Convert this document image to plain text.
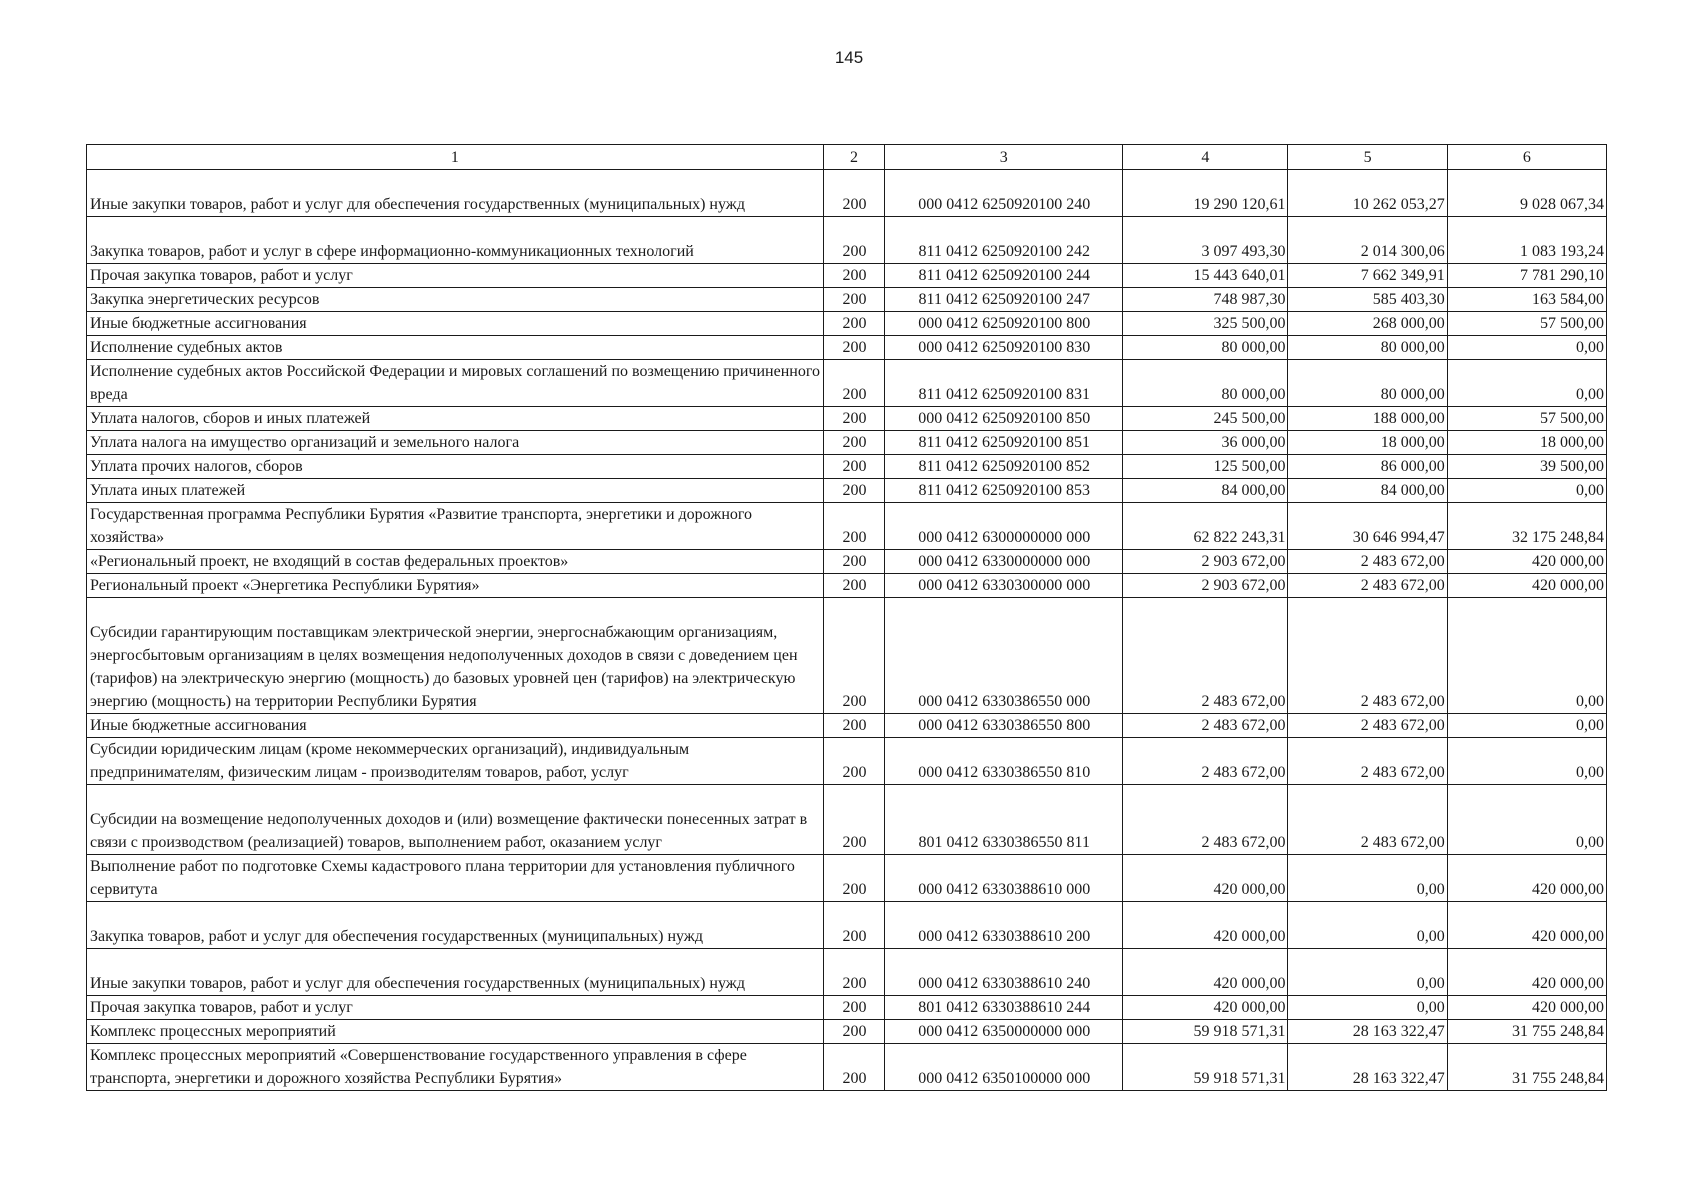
145
1	2	3	4	5	6
Иные закупки товаров, работ и услуг для обеспечения государственных (муниципальных) нужд	200	000 0412 6250920100 240	19 290 120,61	10 262 053,27	9 028 067,34
Закупка товаров, работ и услуг в сфере информационно-коммуникационных технологий	200	811 0412 6250920100 242	3 097 493,30	2 014 300,06	1 083 193,24
Прочая закупка товаров, работ и услуг	200	811 0412 6250920100 244	15 443 640,01	7 662 349,91	7 781 290,10
Закупка энергетических ресурсов	200	811 0412 6250920100 247	748 987,30	585 403,30	163 584,00
Иные бюджетные ассигнования	200	000 0412 6250920100 800	325 500,00	268 000,00	57 500,00
Исполнение судебных актов	200	000 0412 6250920100 830	80 000,00	80 000,00	0,00
Исполнение судебных актов Российской Федерации и мировых соглашений по возмещению причиненного вреда	200	811 0412 6250920100 831	80 000,00	80 000,00	0,00
Уплата налогов, сборов и иных платежей	200	000 0412 6250920100 850	245 500,00	188 000,00	57 500,00
Уплата налога на имущество организаций и земельного налога	200	811 0412 6250920100 851	36 000,00	18 000,00	18 000,00
Уплата прочих налогов, сборов	200	811 0412 6250920100 852	125 500,00	86 000,00	39 500,00
Уплата иных платежей	200	811 0412 6250920100 853	84 000,00	84 000,00	0,00
Государственная программа Республики Бурятия «Развитие транспорта, энергетики и дорожного хозяйства»	200	000 0412 6300000000 000	62 822 243,31	30 646 994,47	32 175 248,84
«Региональный проект, не входящий в состав федеральных проектов»	200	000 0412 6330000000 000	2 903 672,00	2 483 672,00	420 000,00
Региональный проект «Энергетика Республики Бурятия»	200	000 0412 6330300000 000	2 903 672,00	2 483 672,00	420 000,00
Субсидии гарантирующим поставщикам электрической энергии, энергоснабжающим организациям, энергосбытовым организациям в целях возмещения недополученных доходов в связи с доведением цен (тарифов) на электрическую энергию (мощность) до базовых уровней цен (тарифов) на электрическую энергию (мощность) на территории Республики Бурятия	200	000 0412 6330386550 000	2 483 672,00	2 483 672,00	0,00
Иные бюджетные ассигнования	200	000 0412 6330386550 800	2 483 672,00	2 483 672,00	0,00
Субсидии юридическим лицам (кроме некоммерческих организаций), индивидуальным предпринимателям, физическим лицам - производителям товаров, работ, услуг	200	000 0412 6330386550 810	2 483 672,00	2 483 672,00	0,00
Субсидии на возмещение недополученных доходов и (или) возмещение фактически понесенных затрат в связи с производством (реализацией) товаров, выполнением работ, оказанием услуг	200	801 0412 6330386550 811	2 483 672,00	2 483 672,00	0,00
Выполнение работ по подготовке Схемы кадастрового плана территории для установления публичного сервитута	200	000 0412 6330388610 000	420 000,00	0,00	420 000,00
Закупка товаров, работ и услуг для обеспечения государственных (муниципальных) нужд	200	000 0412 6330388610 200	420 000,00	0,00	420 000,00
Иные закупки товаров, работ и услуг для обеспечения государственных (муниципальных) нужд	200	000 0412 6330388610 240	420 000,00	0,00	420 000,00
Прочая закупка товаров, работ и услуг	200	801 0412 6330388610 244	420 000,00	0,00	420 000,00
Комплекс процессных мероприятий	200	000 0412 6350000000 000	59 918 571,31	28 163 322,47	31 755 248,84
Комплекс процессных мероприятий «Совершенствование государственного управления в сфере транспорта, энергетики и дорожного хозяйства Республики Бурятия»	200	000 0412 6350100000 000	59 918 571,31	28 163 322,47	31 755 248,84
